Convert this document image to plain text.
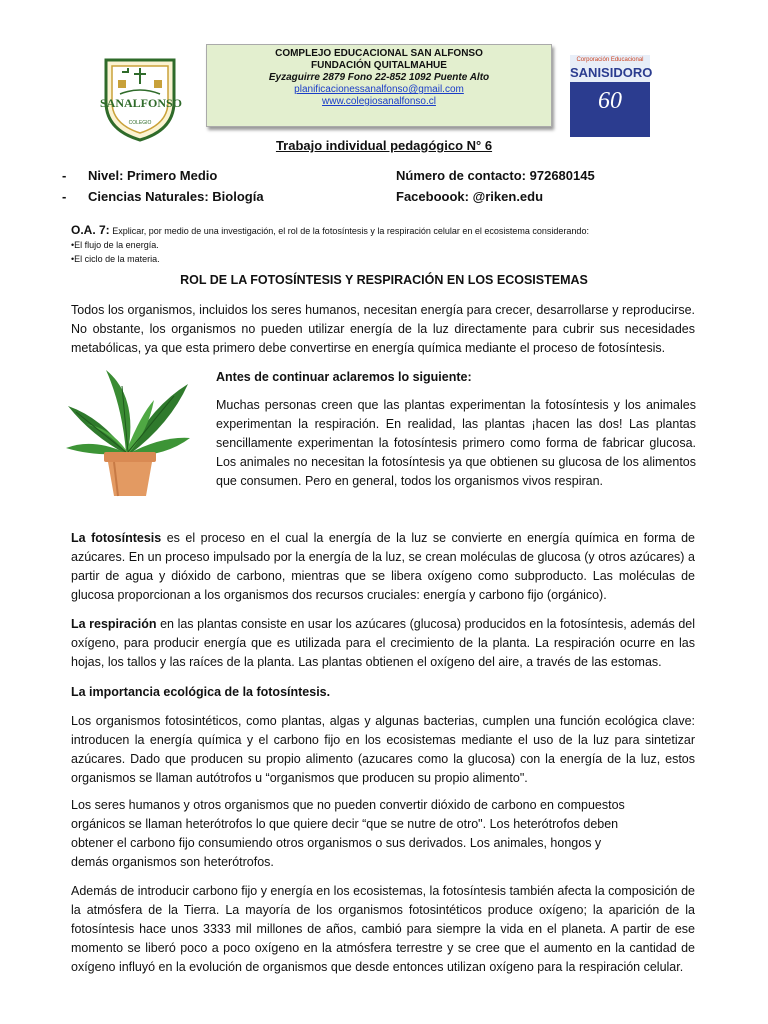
SANALFONSO
COLEGIO
COMPLEJO EDUCACIONAL SAN ALFONSO
FUNDACIÓN QUITALMAHUE
Eyzaguirre 2879 Fono 22-852 1092 Puente Alto
planificacionessanalfonso@gmail.com
www.colegiosanalfonso.cl
Corporación Educacional
SANISIDORO
60
Trabajo individual pedagógico N° 6
- Nivel: Primero Medio
- Ciencias Naturales: Biología
Número de contacto: 972680145
Faceboook: @riken.edu
O.A. 7: Explicar, por medio de una investigación, el rol de la fotosíntesis y la respiración celular en el ecosistema considerando:
•El flujo de la energía.
•El ciclo de la materia.
ROL DE LA FOTOSÍNTESIS Y RESPIRACIÓN EN LOS ECOSISTEMAS
Todos los organismos, incluidos los seres humanos, necesitan energía para crecer, desarrollarse y reproducirse. No obstante, los organismos no pueden utilizar energía de la luz directamente para cubrir sus necesidades metabólicas, ya que esta primero debe convertirse en energía química mediante el proceso de fotosíntesis.
Antes de continuar aclaremos lo siguiente:
Muchas personas creen que las plantas experimentan la fotosíntesis y los animales experimentan la respiración. En realidad, las plantas ¡hacen las dos! Las plantas sencillamente experimentan la fotosíntesis primero como forma de fabricar glucosa. Los animales no necesitan la fotosíntesis ya que obtienen su glucosa de los alimentos que consumen. Pero en general, todos los organismos vivos respiran.
La fotosíntesis es el proceso en el cual la energía de la luz se convierte en energía química en forma de azúcares. En un proceso impulsado por la energía de la luz, se crean moléculas de glucosa (y otros azúcares) a partir de agua y dióxido de carbono, mientras que se libera oxígeno como subproducto. Las moléculas de glucosa proporcionan a los organismos dos recursos cruciales: energía y carbono fijo (orgánico).
La respiración en las plantas consiste en usar los azúcares (glucosa) producidos en la fotosíntesis, además del oxígeno, para producir energía que es utilizada para el crecimiento de la planta. La respiración ocurre en las hojas, los tallos y las raíces de la planta. Las plantas obtienen el oxígeno del aire, a través de las estomas.
La importancia ecológica de la fotosíntesis.
Los organismos fotosintéticos, como plantas, algas y algunas bacterias, cumplen una función ecológica clave: introducen la energía química y el carbono fijo en los ecosistemas mediante el uso de la luz para sintetizar azúcares. Dado que producen su propio alimento (azucares como la glucosa) con la energía de la luz, estos organismos se llaman autótrofos u “organismos que producen su propio alimento".
Los seres humanos y otros organismos que no pueden convertir dióxido de carbono en compuestos orgánicos se llaman heterótrofos lo que quiere decir “que se nutre de otro". Los heterótrofos deben obtener el carbono fijo consumiendo otros organismos o sus derivados. Los animales, hongos y demás organismos son heterótrofos.
Además de introducir carbono fijo y energía en los ecosistemas, la fotosíntesis también afecta la composición de la atmósfera de la Tierra. La mayoría de los organismos fotosintéticos produce oxígeno; la aparición de la fotosíntesis hace unos 3333 mil millones de años, cambió para siempre la vida en el planeta. A partir de ese momento se liberó poco a poco oxígeno en la atmósfera terrestre y se cree que el aumento en la cantidad de oxígeno influyó en la evolución de organismos que desde entonces utilizan oxígeno para la respiración celular.
